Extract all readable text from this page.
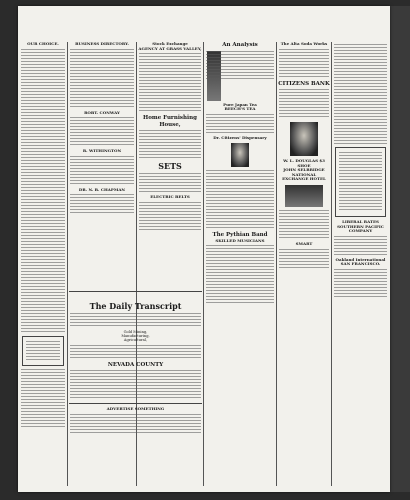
OUR CHOICE.	BUSINESS DIRECTORY.
ROBT. CONWAY
R. WITHINGTON
DR. N. B. CHAPMAN
Stock Exchange
AGENCY AT GRASS VALLEY,
Home Furnishing House,
SETS
ELECTRIC BELTS
The Daily Transcript
Gold Mining,
Manufacturing,
Agricultural,
NEVADA COUNTY
ADVERTISE SOMETHING
An Analysis
Pure Japan Tea
BEECH'S TEA
Dr. Citizens' Dispensary
The Pythian Band
SKILLED MUSICIANS
The Alta Soda Works
CITIZENS BANK
W. L. DOUGLAS $3 SHOE
JOHN SELBRIDGE
NATIONAL EXCHANGE HOTEL
SMART
LIBERAL RATES
SOUTHERN PACIFIC COMPANY
Oakland International
SAN FRANCISCO.
